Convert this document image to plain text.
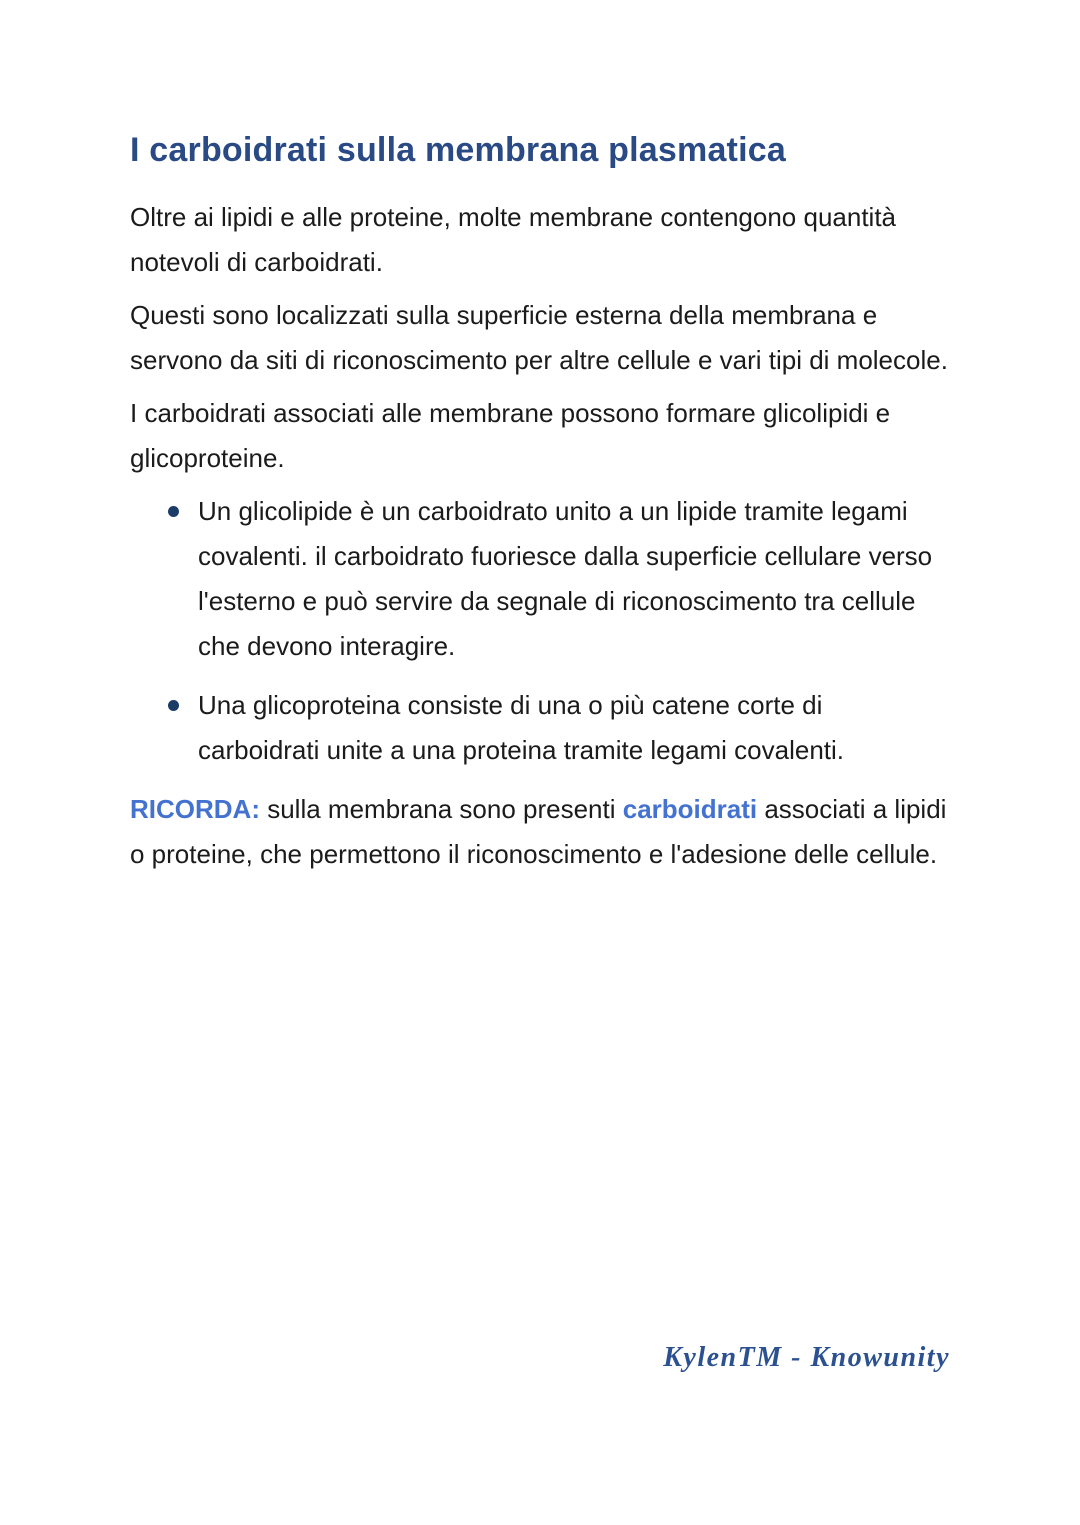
I carboidrati sulla membrana plasmatica

Oltre ai lipidi e alle proteine, molte membrane contengono quantità notevoli di carboidrati.

Questi sono localizzati sulla superficie esterna della membrana e servono da siti di riconoscimento per altre cellule e vari tipi di molecole.

I carboidrati associati alle membrane possono formare glicolipidi e glicoproteine.

Un glicolipide è un carboidrato unito a un lipide tramite legami covalenti. il carboidrato fuoriesce dalla superficie cellulare verso l'esterno e può servire da segnale di riconoscimento tra cellule che devono interagire.
Una glicoproteina consiste di una o più catene corte di carboidrati unite a una proteina tramite legami covalenti.

RICORDA: sulla membrana sono presenti carboidrati associati a lipidi o proteine, che permettono il riconoscimento e l'adesione delle cellule.

KylenTM - Knowunity
